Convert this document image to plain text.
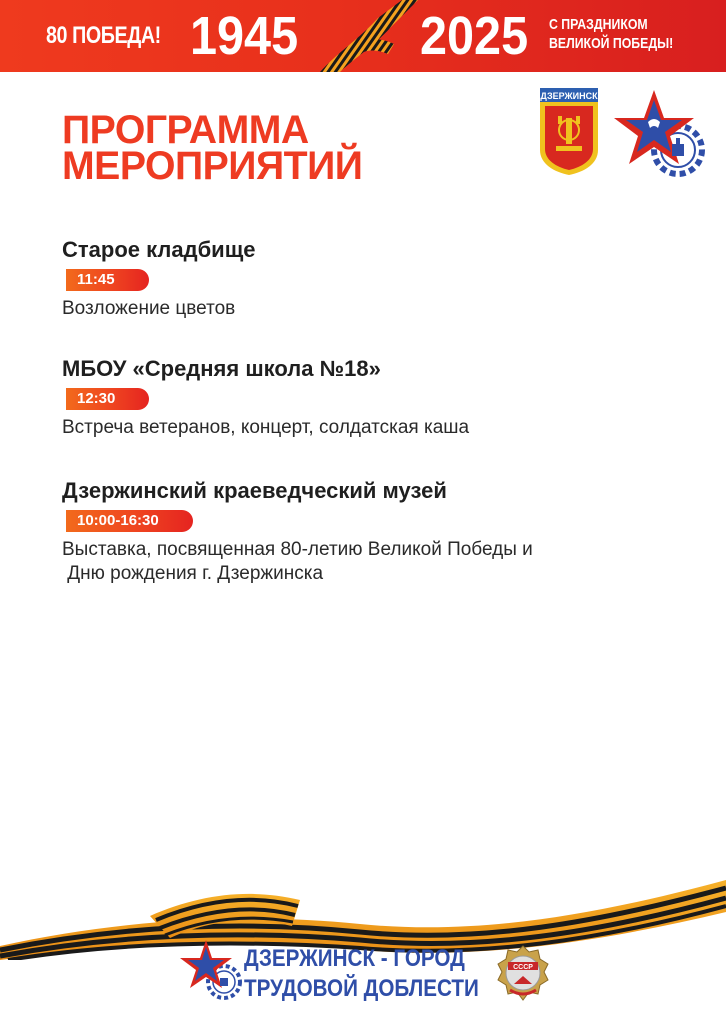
80 ПОБЕДА! 1945 2025 С ПРАЗДНИКОМ
ВЕЛИКОЙ ПОБЕДЫ!
ПРОГРАММА
МЕРОПРИЯТИЙ
ДЗЕРЖИНСК
Старое кладбище
11:45
Возложение цветов
МБОУ «Средняя школа №18»
12:30
Встреча ветеранов, концерт, солдатская каша
Дзержинский краеведческий музей
10:00-16:30
Выставка, посвященная 80-летию Великой Победы и
Дню рождения г. Дзержинска
ДЗЕРЖИНСК - ГОРОД
ТРУДОВОЙ ДОБЛЕСТИ
СССР
